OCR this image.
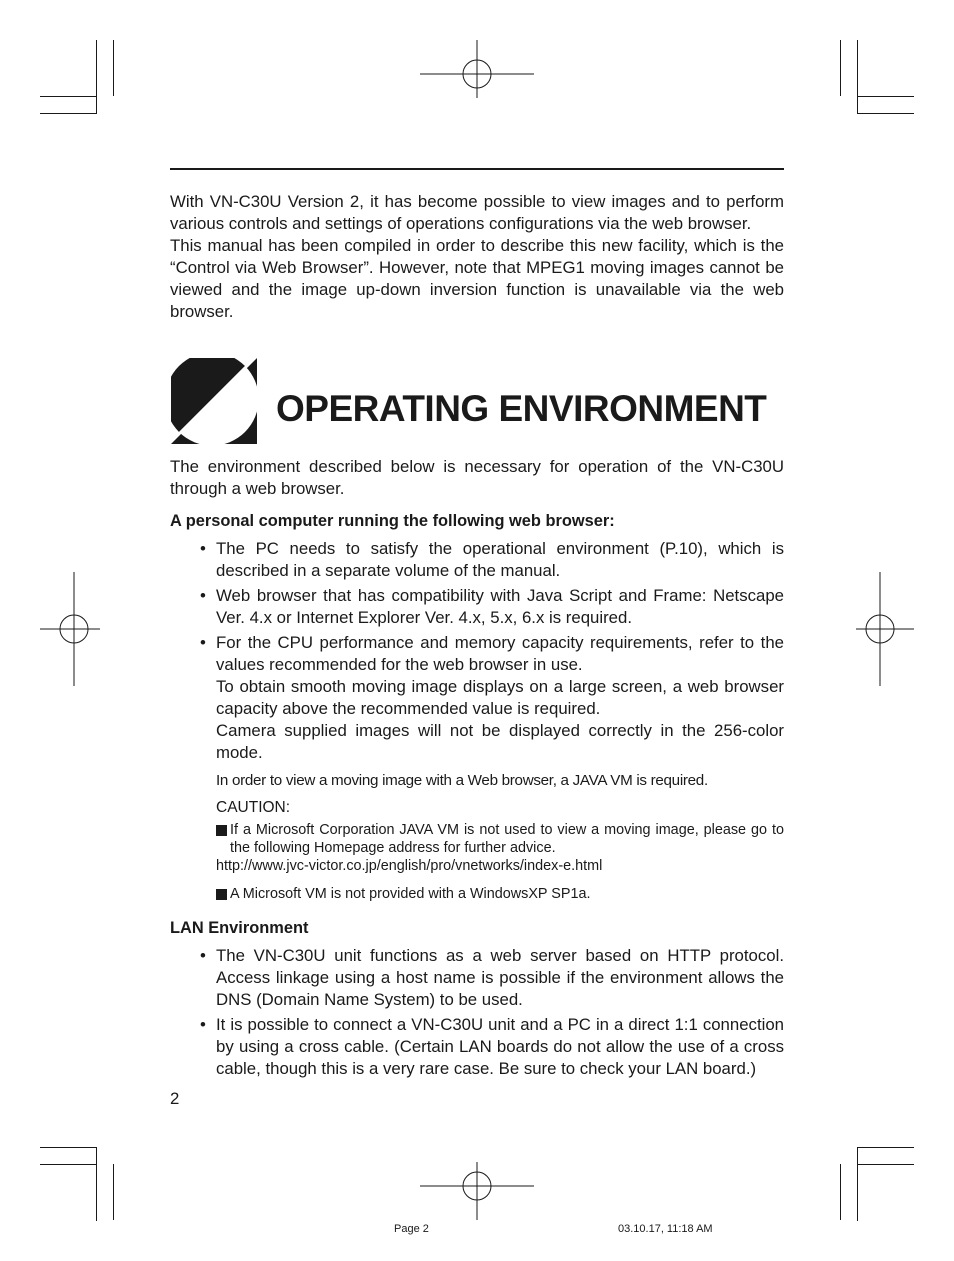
With VN-C30U Version 2, it has become possible to view images and to perform various controls and settings of operations configurations via the web browser.

This manual has been compiled in order to describe this new facility, which is the “Control via Web Browser”. However, note that MPEG1 moving images cannot be viewed and the image up-down inversion function is unavailable via the web browser.

OPERATING ENVIRONMENT

The environment described below is necessary for operation of the VN-C30U through a web browser.

A personal computer running the following web browser:

• The PC needs to satisfy the operational environment (P.10), which is described in a separate volume of the manual.

• Web browser that has compatibility with Java Script and Frame: Netscape Ver. 4.x or Internet Explorer Ver. 4.x, 5.x, 6.x is required.

• For the CPU performance and memory capacity requirements, refer to the values recommended for the web browser in use.

To obtain smooth moving image displays on a large screen, a web browser capacity above the recommended value is required.

Camera supplied images will not be displayed correctly in the 256-color mode.

In order to view a moving image with a Web browser, a JAVA VM is required.

CAUTION:

If a Microsoft Corporation JAVA VM is not used to view a moving image, please go to the following Homepage address for further advice.

http://www.jvc-victor.co.jp/english/pro/vnetworks/index-e.html

A Microsoft VM is not provided with a WindowsXP SP1a.

LAN Environment

• The VN-C30U unit functions as a web server based on HTTP protocol. Access linkage using a host name is possible if the environment allows the DNS (Domain Name System) to be used.

• It is possible to connect a VN-C30U unit and a PC in a direct 1:1 connection by using a cross cable. (Certain LAN boards do not allow the use of a cross cable, though this is a very rare case. Be sure to check your LAN board.)

2
Page 2	03.10.17, 11:18 AM
